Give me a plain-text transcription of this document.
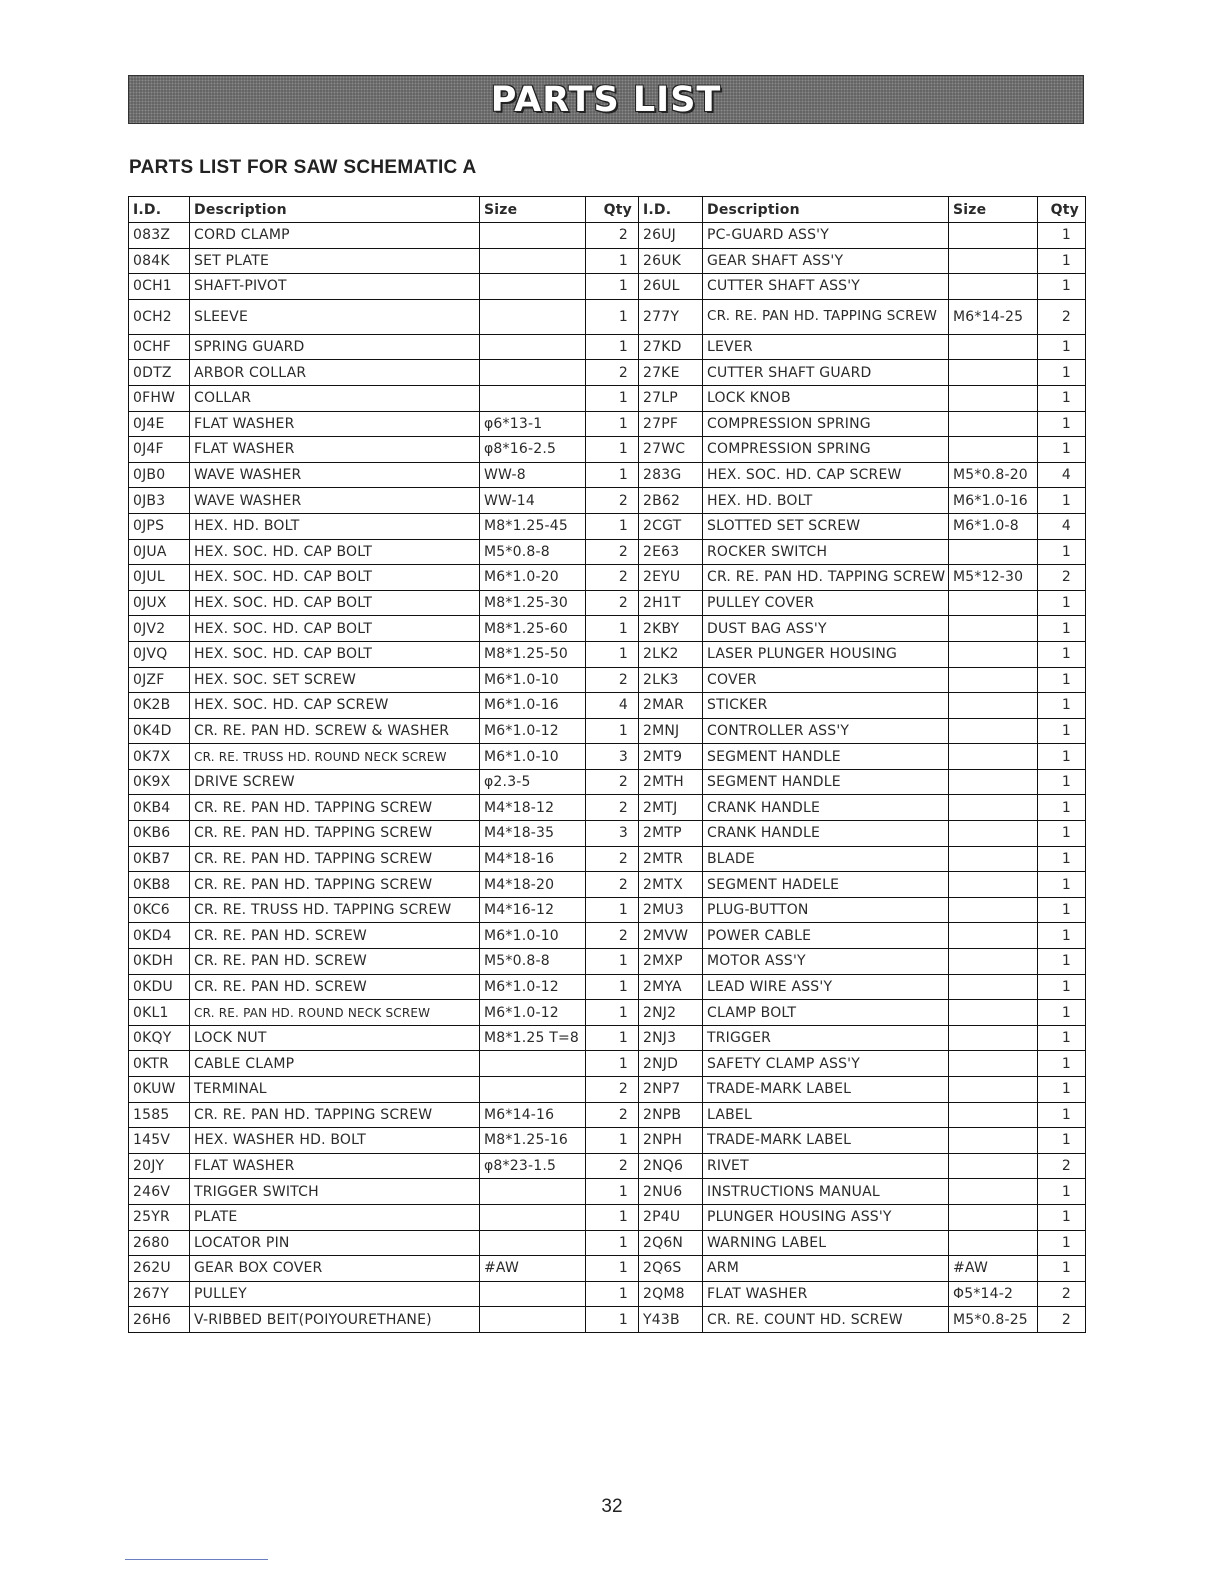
PARTS LIST
PARTS LIST FOR SAW SCHEMATIC A
I.D.	Description	Size	Qty	I.D.	Description	Size	Qty
083Z	CORD CLAMP		2	26UJ	PC-GUARD ASS'Y		1
084K	SET PLATE		1	26UK	GEAR SHAFT ASS'Y		1
0CH1	SHAFT-PIVOT		1	26UL	CUTTER SHAFT ASS'Y		1
0CH2	SLEEVE		1	277Y	CR. RE. PAN HD. TAPPING SCREW	M6*14-25	2
0CHF	SPRING GUARD		1	27KD	LEVER		1
0DTZ	ARBOR COLLAR		2	27KE	CUTTER SHAFT GUARD		1
0FHW	COLLAR		1	27LP	LOCK KNOB		1
0J4E	FLAT WASHER	φ6*13-1	1	27PF	COMPRESSION SPRING		1
0J4F	FLAT WASHER	φ8*16-2.5	1	27WC	COMPRESSION SPRING		1
0JB0	WAVE WASHER	WW-8	1	283G	HEX. SOC. HD. CAP SCREW	M5*0.8-20	4
0JB3	WAVE WASHER	WW-14	2	2B62	HEX. HD. BOLT	M6*1.0-16	1
0JPS	HEX. HD. BOLT	M8*1.25-45	1	2CGT	SLOTTED SET SCREW	M6*1.0-8	4
0JUA	HEX. SOC. HD. CAP BOLT	M5*0.8-8	2	2E63	ROCKER SWITCH		1
0JUL	HEX. SOC. HD. CAP BOLT	M6*1.0-20	2	2EYU	CR. RE. PAN HD. TAPPING SCREW	M5*12-30	2
0JUX	HEX. SOC. HD. CAP BOLT	M8*1.25-30	2	2H1T	PULLEY COVER		1
0JV2	HEX. SOC. HD. CAP BOLT	M8*1.25-60	1	2KBY	DUST BAG ASS'Y		1
0JVQ	HEX. SOC. HD. CAP BOLT	M8*1.25-50	1	2LK2	LASER PLUNGER HOUSING		1
0JZF	HEX. SOC. SET SCREW	M6*1.0-10	2	2LK3	COVER		1
0K2B	HEX. SOC. HD. CAP SCREW	M6*1.0-16	4	2MAR	STICKER		1
0K4D	CR. RE. PAN HD. SCREW & WASHER	M6*1.0-12	1	2MNJ	CONTROLLER ASS'Y		1
0K7X	CR. RE. TRUSS HD. ROUND NECK SCREW	M6*1.0-10	3	2MT9	SEGMENT HANDLE		1
0K9X	DRIVE SCREW	φ2.3-5	2	2MTH	SEGMENT HANDLE		1
0KB4	CR. RE. PAN HD. TAPPING SCREW	M4*18-12	2	2MTJ	CRANK HANDLE		1
0KB6	CR. RE. PAN HD. TAPPING SCREW	M4*18-35	3	2MTP	CRANK HANDLE		1
0KB7	CR. RE. PAN HD. TAPPING SCREW	M4*18-16	2	2MTR	BLADE		1
0KB8	CR. RE. PAN HD. TAPPING SCREW	M4*18-20	2	2MTX	SEGMENT HADELE		1
0KC6	CR. RE. TRUSS HD. TAPPING SCREW	M4*16-12	1	2MU3	PLUG-BUTTON		1
0KD4	CR. RE. PAN HD. SCREW	M6*1.0-10	2	2MVW	POWER CABLE		1
0KDH	CR. RE. PAN HD. SCREW	M5*0.8-8	1	2MXP	MOTOR ASS'Y		1
0KDU	CR. RE. PAN HD. SCREW	M6*1.0-12	1	2MYA	LEAD WIRE ASS'Y		1
0KL1	CR. RE. PAN HD. ROUND NECK SCREW	M6*1.0-12	1	2NJ2	CLAMP BOLT		1
0KQY	LOCK NUT	M8*1.25 T=8	1	2NJ3	TRIGGER		1
0KTR	CABLE CLAMP		1	2NJD	SAFETY CLAMP ASS'Y		1
0KUW	TERMINAL		2	2NP7	TRADE-MARK LABEL		1
1585	CR. RE. PAN HD. TAPPING SCREW	M6*14-16	2	2NPB	LABEL		1
145V	HEX. WASHER HD. BOLT	M8*1.25-16	1	2NPH	TRADE-MARK LABEL		1
20JY	FLAT WASHER	φ8*23-1.5	2	2NQ6	RIVET		2
246V	TRIGGER SWITCH		1	2NU6	INSTRUCTIONS MANUAL		1
25YR	PLATE		1	2P4U	PLUNGER HOUSING ASS'Y		1
2680	LOCATOR PIN		1	2Q6N	WARNING LABEL		1
262U	GEAR BOX COVER	#AW	1	2Q6S	ARM	#AW	1
267Y	PULLEY		1	2QM8	FLAT WASHER	Φ5*14-2	2
26H6	V-RIBBED BEIT(POIYOURETHANE)		1	Y43B	CR. RE. COUNT HD. SCREW	M5*0.8-25	2
32
